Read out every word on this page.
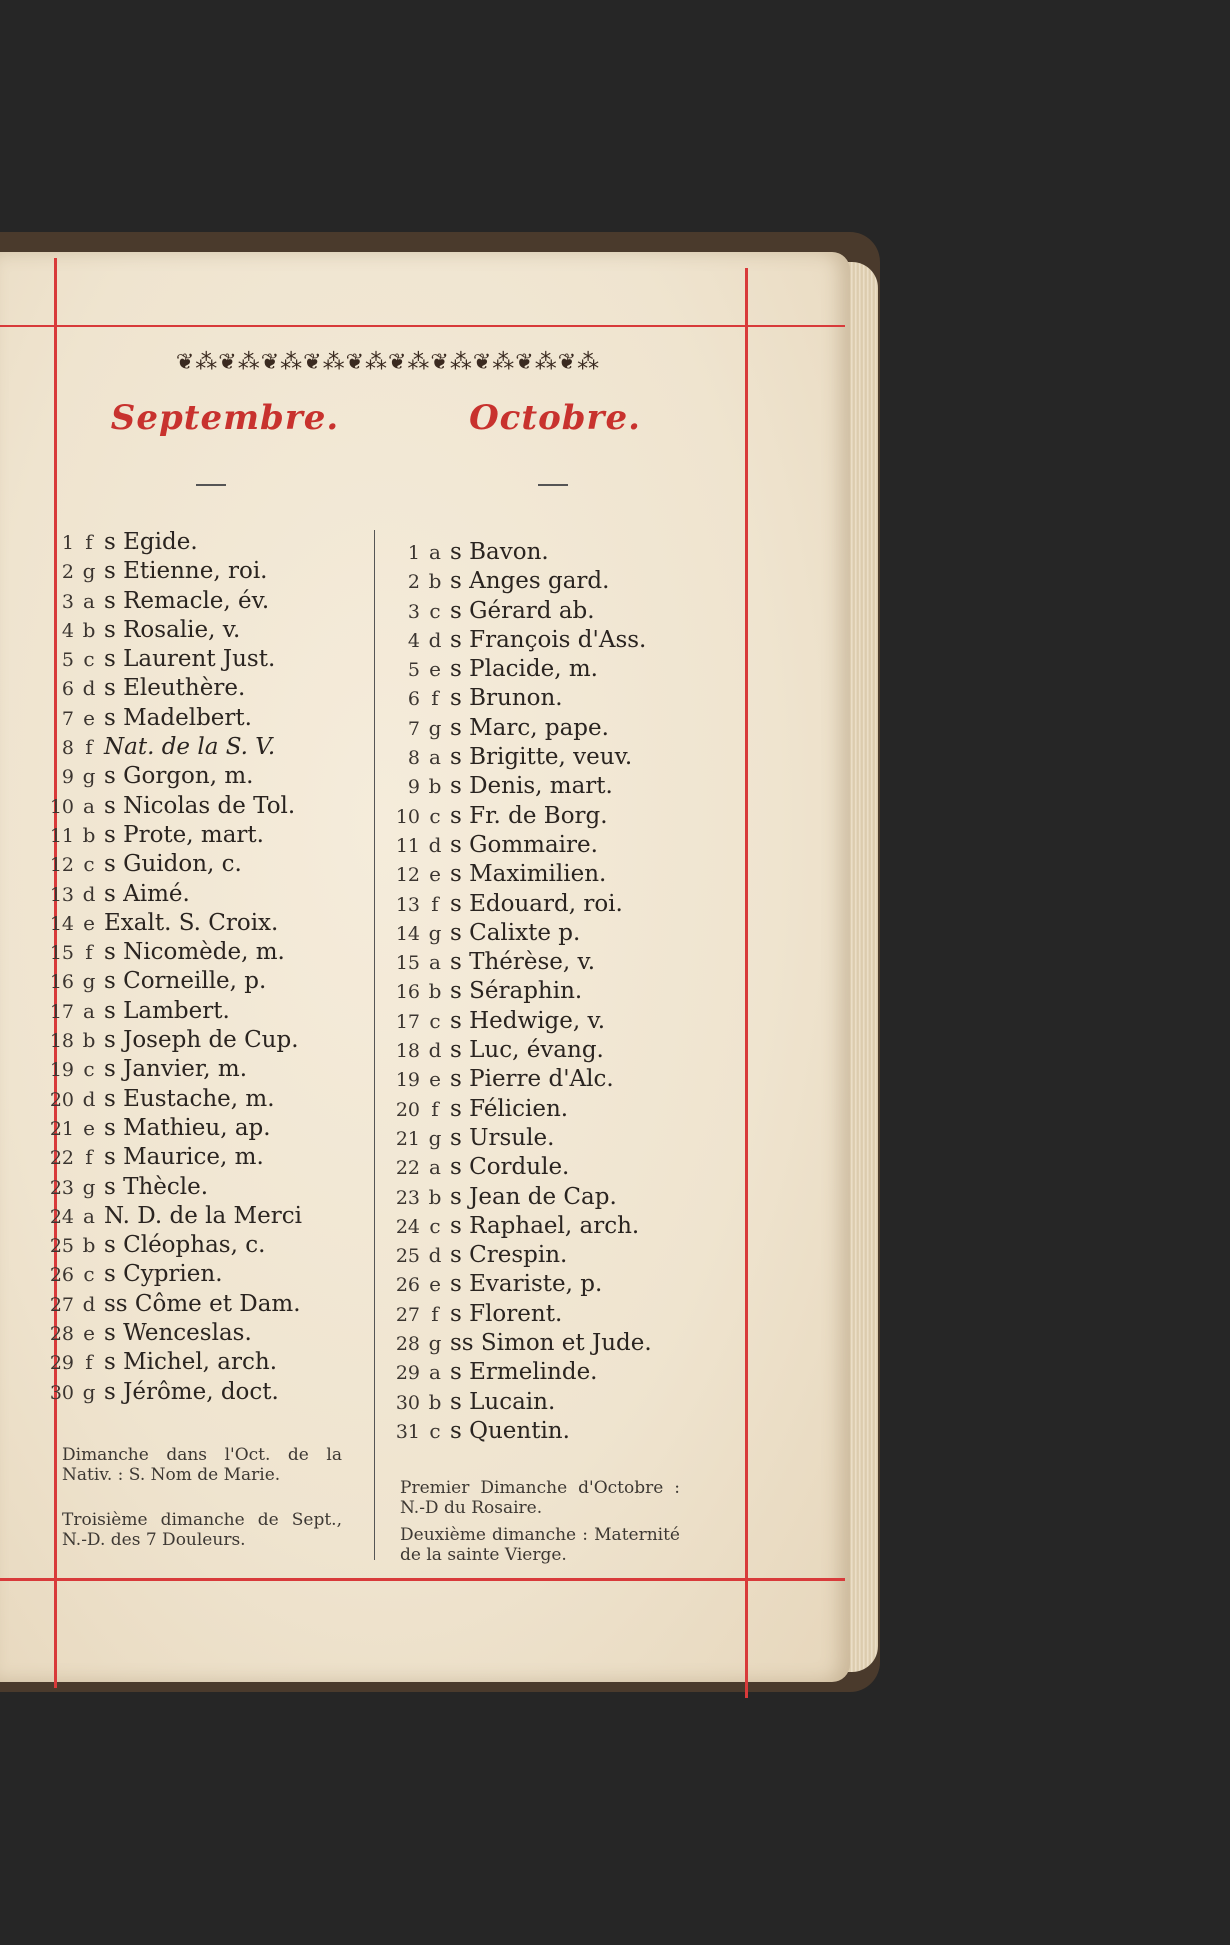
❦⁂❦⁂❦⁂❦⁂❦⁂❦⁂❦⁂❦⁂❦⁂❦⁂
Septembre.	Octobre.
1 f s Egide.
2 g s Etienne, roi.
3 a s Remacle, év.
4 b s Rosalie, v.
5 c s Laurent Just.
6 d s Eleuthère.
7 e s Madelbert.
8 f Nat. de la S. V.
9 g s Gorgon, m.
10 a s Nicolas de Tol.
11 b s Prote, mart.
12 c s Guidon, c.
13 d s Aimé.
14 e Exalt. S. Croix.
15 f s Nicomède, m.
16 g s Corneille, p.
17 a s Lambert.
18 b s Joseph de Cup.
19 c s Janvier, m.
20 d s Eustache, m.
21 e s Mathieu, ap.
22 f s Maurice, m.
23 g s Thècle.
24 a N. D. de la Merci
25 b s Cléophas, c.
26 c s Cyprien.
27 d ss Côme et Dam.
28 e s Wenceslas.
29 f s Michel, arch.
30 g s Jérôme, doct.
1 a s Bavon.
2 b s Anges gard.
3 c s Gérard ab.
4 d s François d'Ass.
5 e s Placide, m.
6 f s Brunon.
7 g s Marc, pape.
8 a s Brigitte, veuv.
9 b s Denis, mart.
10 c s Fr. de Borg.
11 d s Gommaire.
12 e s Maximilien.
13 f s Edouard, roi.
14 g s Calixte p.
15 a s Thérèse, v.
16 b s Séraphin.
17 c s Hedwige, v.
18 d s Luc, évang.
19 e s Pierre d'Alc.
20 f s Félicien.
21 g s Ursule.
22 a s Cordule.
23 b s Jean de Cap.
24 c s Raphael, arch.
25 d s Crespin.
26 e s Evariste, p.
27 f s Florent.
28 g ss Simon et Jude.
29 a s Ermelinde.
30 b s Lucain.
31 c s Quentin.
Dimanche dans l'Oct. de la Nativ. : S. Nom de Marie.
Troisième dimanche de Sept., N.-D. des 7 Douleurs.
Premier Dimanche d'Octobre : N.-D du Rosaire.
Deuxième dimanche : Maternité de la sainte Vierge.
